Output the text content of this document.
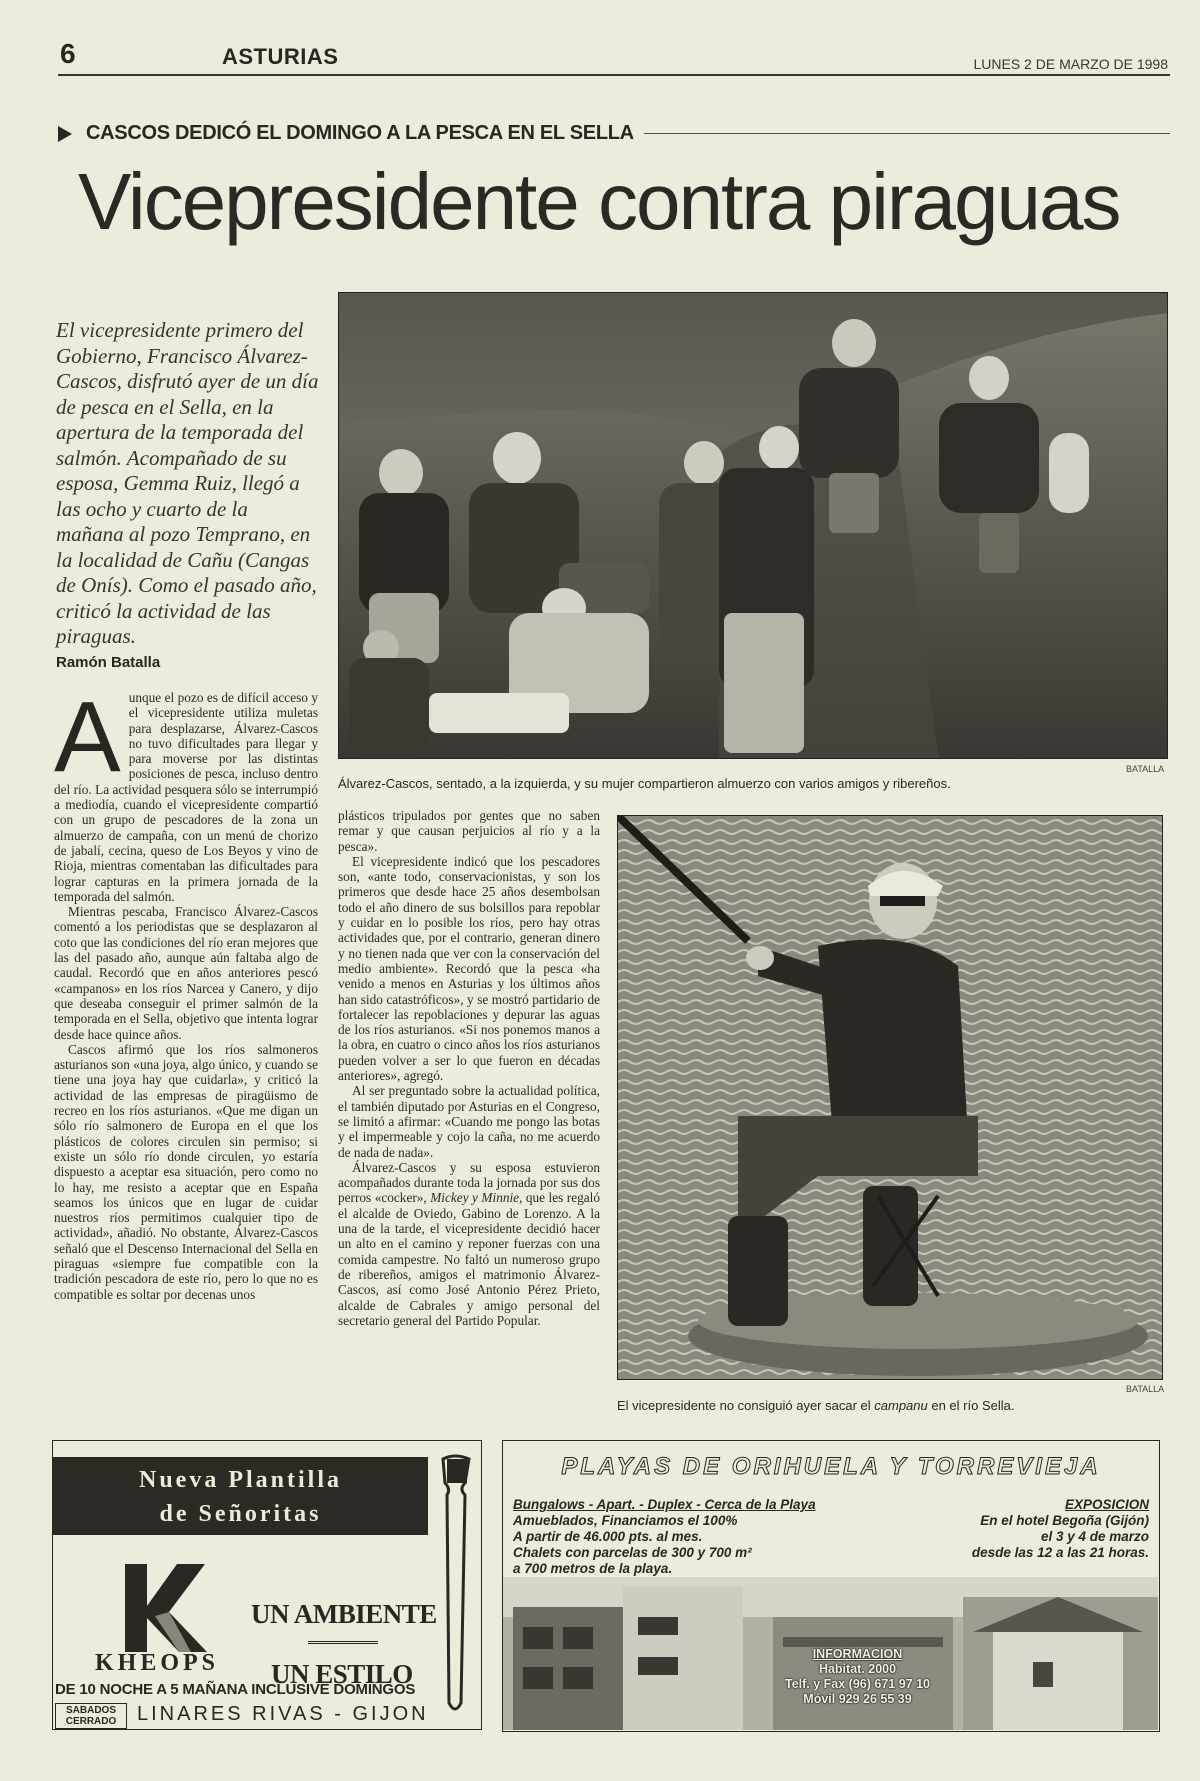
6	ASTURIAS	LUNES 2 DE MARZO DE 1998
CASCOS DEDICÓ EL DOMINGO A LA PESCA EN EL SELLA
Vicepresidente contra piraguas
El vicepresidente primero del Gobierno, Francisco Álvarez-Cascos, disfrutó ayer de un día de pesca en el Sella, en la apertura de la temporada del salmón. Acompañado de su esposa, Gemma Ruiz, llegó a las ocho y cuarto de la mañana al pozo Temprano, en la localidad de Cañu (Cangas de Onís). Como el pasado año, criticó la actividad de las piraguas.
Ramón Batalla
BATALLA
Álvarez-Cascos, sentado, a la izquierda, y su mujer compartieron almuerzo con varios amigos y ribereños.
BATALLA
El vicepresidente no consiguió ayer sacar el campanu en el río Sella.

Aunque el pozo es de difícil acceso y el vicepresidente utiliza muletas para desplazarse, Álvarez-Cascos no tuvo dificultades para llegar y para moverse por las distintas posiciones de pesca, incluso dentro del río. La actividad pesquera sólo se interrumpió a mediodía, cuando el vicepresidente compartió con un grupo de pescadores de la zona un almuerzo de campaña, con un menú de chorizo de jabalí, cecina, queso de Los Beyos y vino de Rioja, mientras comentaban las dificultades para lograr capturas en la primera jornada de la temporada del salmón.

Mientras pescaba, Francisco Álvarez-Cascos comentó a los periodistas que se desplazaron al coto que las condiciones del río eran mejores que las del pasado año, aunque aún faltaba algo de caudal. Recordó que en años anteriores pescó «campanos» en los ríos Narcea y Canero, y dijo que deseaba conseguir el primer salmón de la temporada en el Sella, objetivo que intenta lograr desde hace quince años.

Cascos afirmó que los ríos salmoneros asturianos son «una joya, algo único, y cuando se tiene una joya hay que cuidarla», y criticó la actividad de las empresas de piragüismo de recreo en los ríos asturianos. «Que me digan un sólo río salmonero de Europa en el que los plásticos de colores circulen sin permiso; si existe un sólo río donde circulen, yo estaría dispuesto a aceptar esa situación, pero como no lo hay, me resisto a aceptar que en España seamos los únicos que en lugar de cuidar nuestros ríos permitimos cualquier tipo de actividad», añadió. No obstante, Álvarez-Cascos señaló que el Descenso Internacional del Sella en piraguas «siempre fue compatible con la tradición pescadora de este río, pero lo que no es compatible es soltar por decenas unos

plásticos tripulados por gentes que no saben remar y que causan perjuicios al río y a la pesca».

El vicepresidente indicó que los pescadores son, «ante todo, conservacionistas, y son los primeros que desde hace 25 años desembolsan todo el año dinero de sus bolsillos para repoblar y cuidar en lo posible los ríos, pero hay otras actividades que, por el contrario, generan dinero y no tienen nada que ver con la conservación del medio ambiente». Recordó que la pesca «ha venido a menos en Asturias y los últimos años han sido catastróficos», y se mostró partidario de fortalecer las repoblaciones y depurar las aguas de los ríos asturianos. «Si nos ponemos manos a la obra, en cuatro o cinco años los ríos asturianos pueden volver a ser lo que fueron en décadas anteriores», agregó.

Al ser preguntado sobre la actualidad política, el también diputado por Asturias en el Congreso, se limitó a afirmar: «Cuando me pongo las botas y el impermeable y cojo la caña, no me acuerdo de nada de nada».

Álvarez-Cascos y su esposa estuvieron acompañados durante toda la jornada por sus dos perros «cocker», Mickey y Minnie, que les regaló el alcalde de Oviedo, Gabino de Lorenzo. A la una de la tarde, el vicepresidente decidió hacer un alto en el camino y reponer fuerzas con una comida campestre. No faltó un numeroso grupo de ribereños, amigos el matrimonio Álvarez-Cascos, así como José Antonio Pérez Prieto, alcalde de Cabrales y amigo personal del secretario general del Partido Popular.

Nueva Plantilla
de Señoritas
KHEOPS
UN AMBIENTE
UN ESTILO
DE 10 NOCHE A 5 MAÑANA INCLUSIVE DOMINGOS
SABADOS
CERRADO	LINARES RIVAS - GIJON
PLAYAS DE ORIHUELA Y TORREVIEJA
Bungalows - Apart. - Duplex - Cerca de la Playa
Amueblados, Financiamos el 100%
A partir de 46.000 pts. al mes.
Chalets con parcelas de 300 y 700 m²
a 700 metros de la playa.
EXPOSICION
En el hotel Begoña (Gijón)
el 3 y 4 de marzo
desde las 12 a las 21 horas.
INFORMACION
Habitat. 2000
Telf. y Fax (96) 671 97 10
Móvil 929 26 55 39
